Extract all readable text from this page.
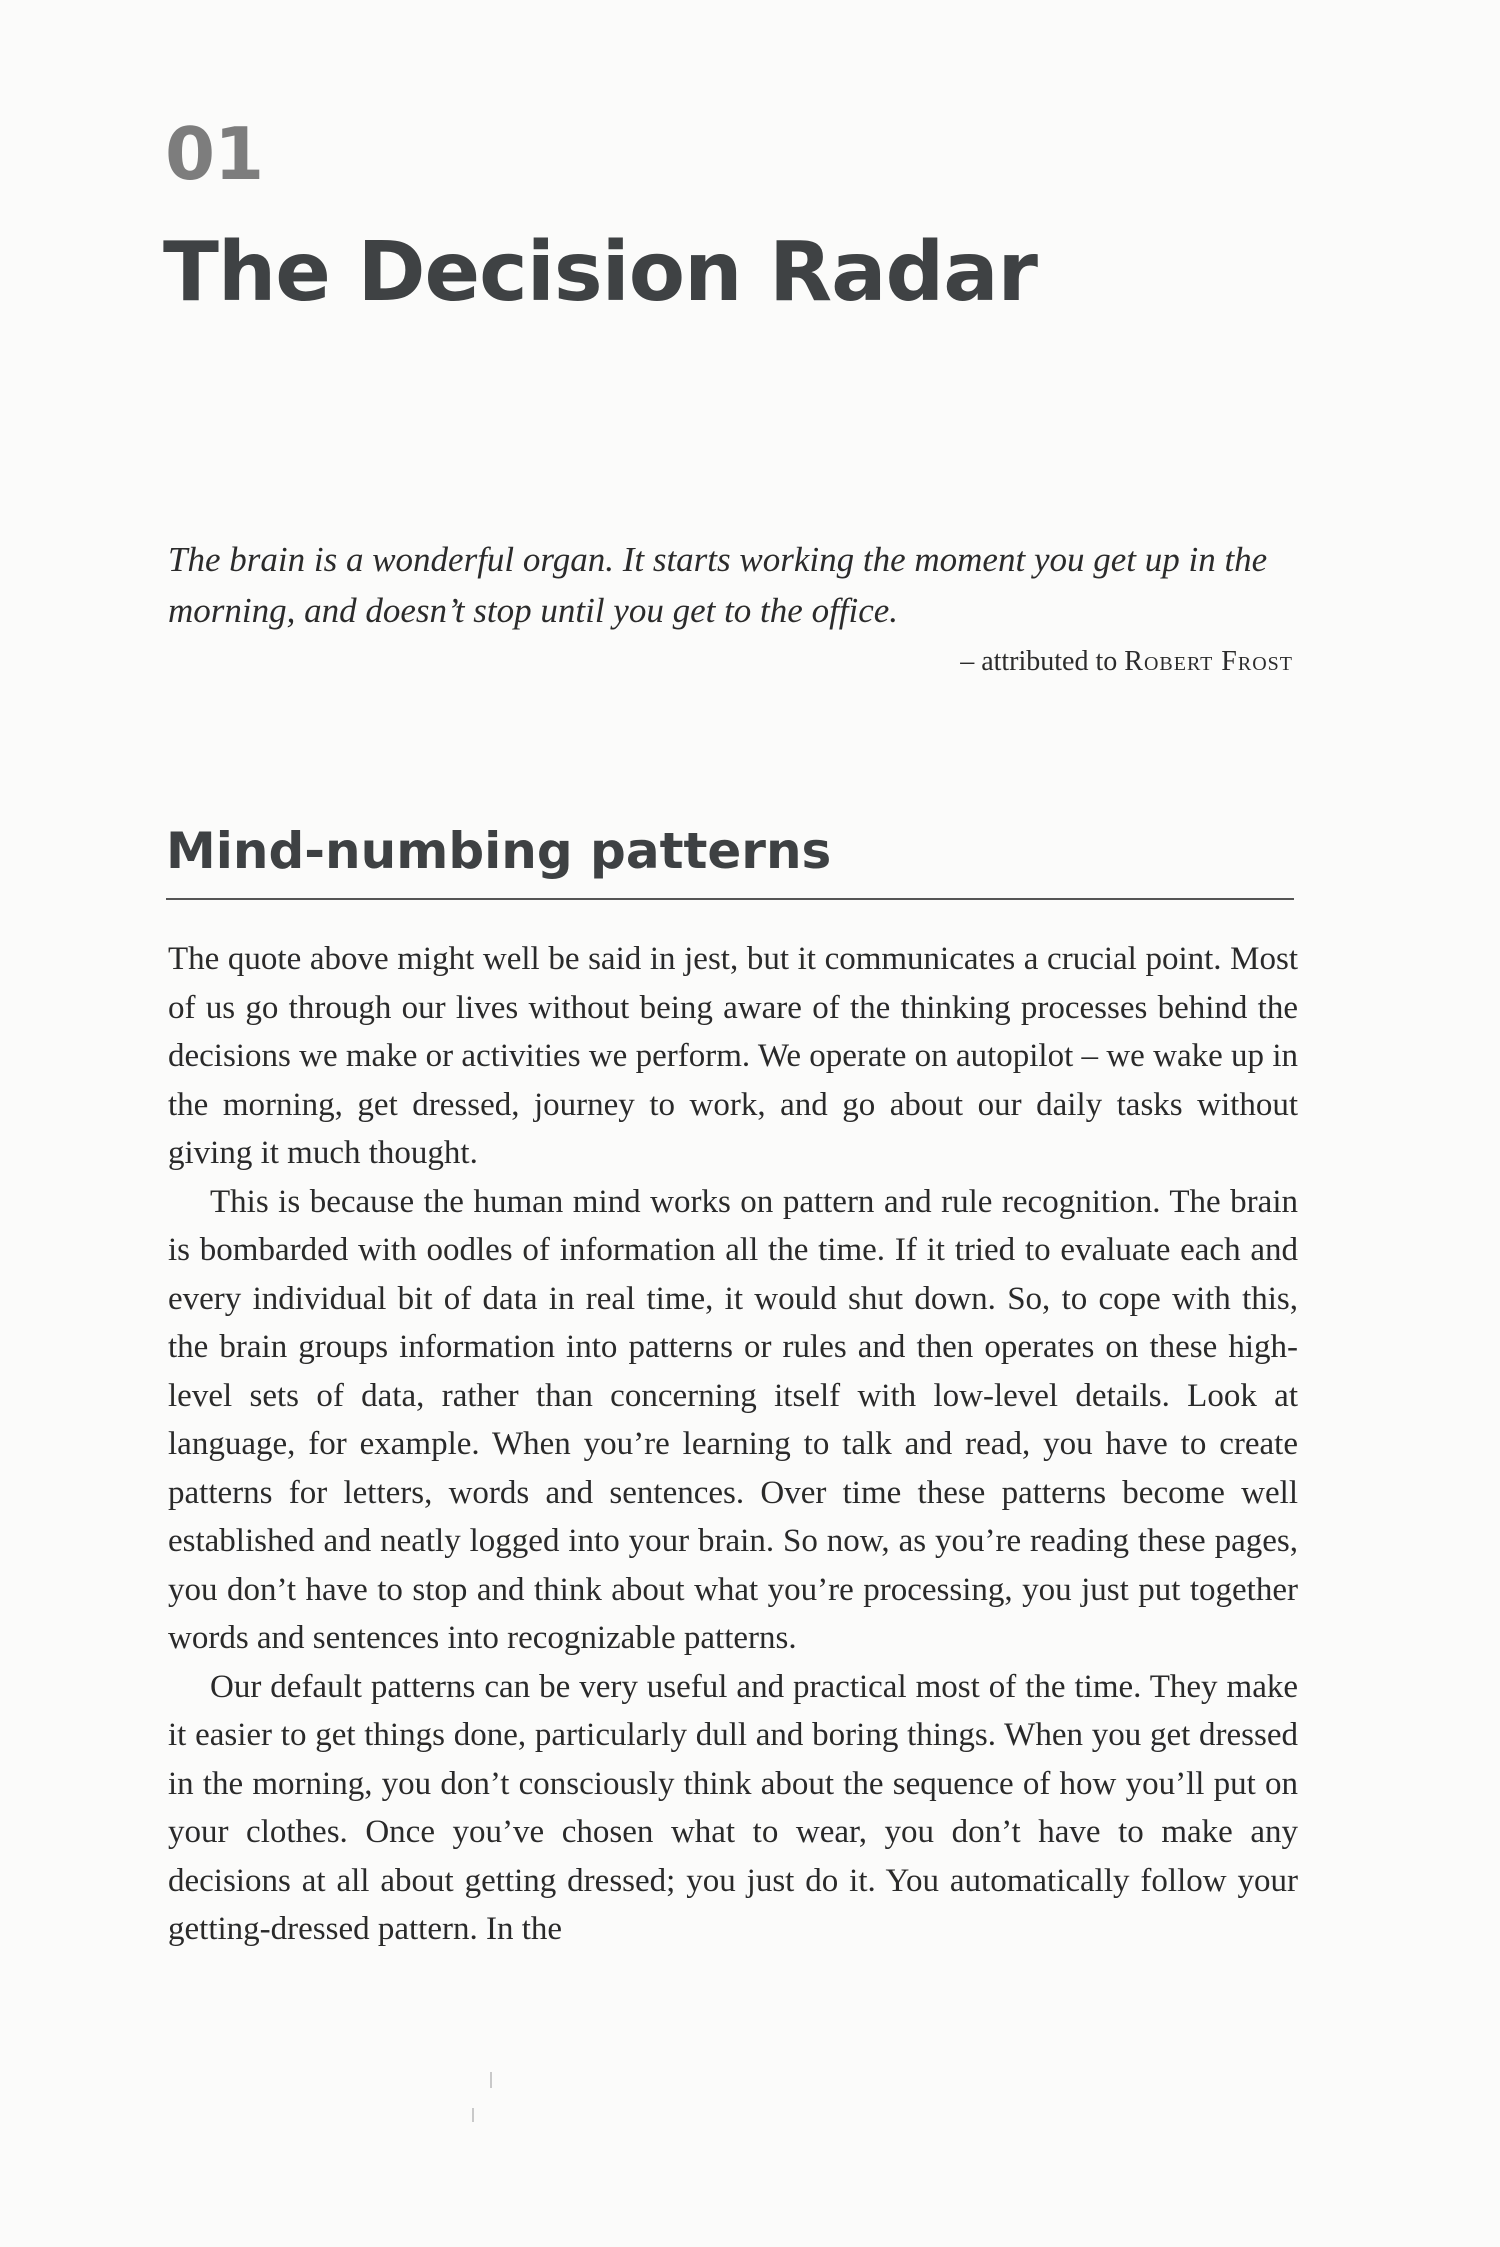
01
The Decision Radar

The brain is a wonderful organ. It starts working the moment you get up in the morning, and doesn’t stop until you get to the office.

– attributed to Robert Frost

Mind-numbing patterns

The quote above might well be said in jest, but it communicates a crucial point. Most of us go through our lives without being aware of the thinking processes behind the decisions we make or activities we perform. We operate on autopilot – we wake up in the morning, get dressed, journey to work, and go about our daily tasks without giving it much thought.

This is because the human mind works on pattern and rule recognition. The brain is bombarded with oodles of information all the time. If it tried to evaluate each and every individual bit of data in real time, it would shut down. So, to cope with this, the brain groups information into patterns or rules and then operates on these high-level sets of data, rather than concerning itself with low-level details. Look at language, for example. When you’re learning to talk and read, you have to create patterns for letters, words and sentences. Over time these patterns become well established and neatly logged into your brain. So now, as you’re reading these pages, you don’t have to stop and think about what you’re processing, you just put together words and sentences into recognizable patterns.

Our default patterns can be very useful and practical most of the time. They make it easier to get things done, particularly dull and boring things. When you get dressed in the morning, you don’t consciously think about the sequence of how you’ll put on your clothes. Once you’ve chosen what to wear, you don’t have to make any decisions at all about getting dressed; you just do it. You automatically follow your getting-dressed pattern. In the
